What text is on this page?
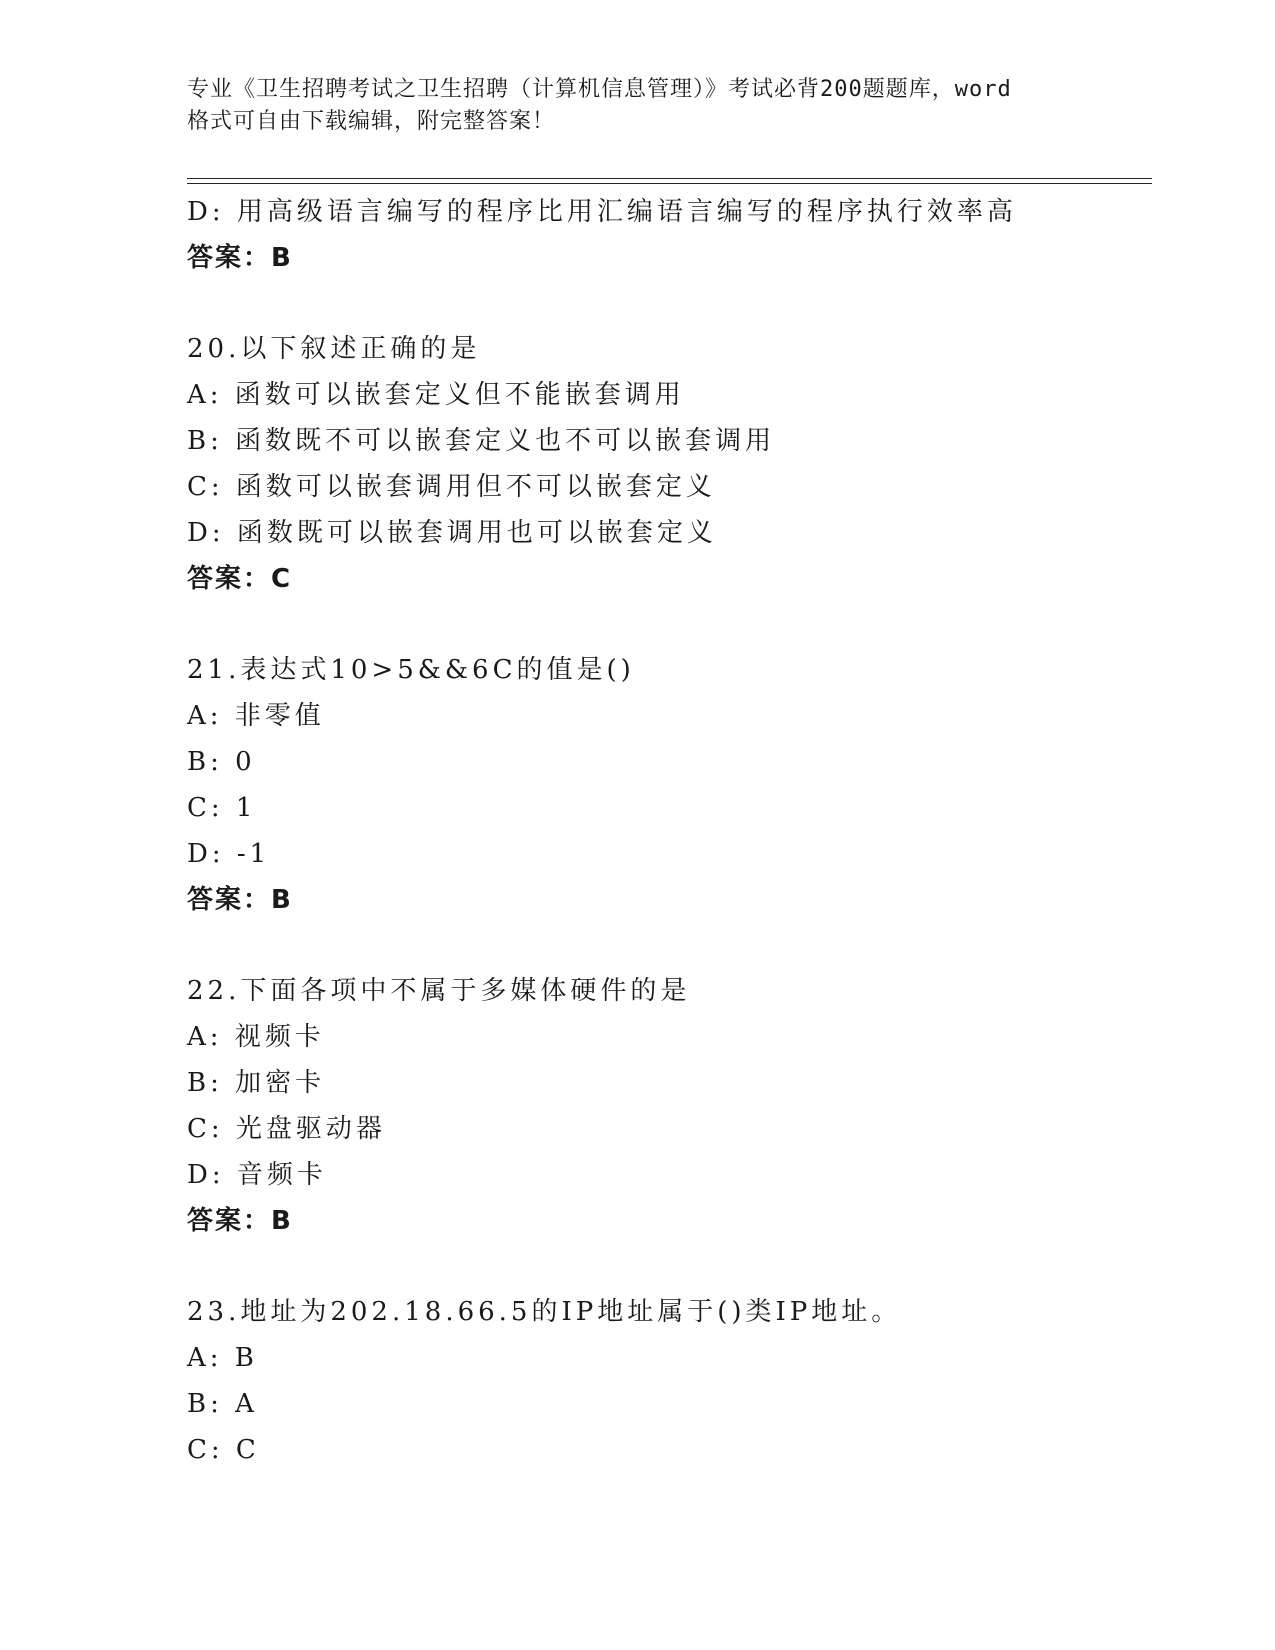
专业《卫生招聘考试之卫生招聘（计算机信息管理）》考试必背200题题库，word
格式可自由下载编辑，附完整答案！
D: 用高级语言编写的程序比用汇编语言编写的程序执行效率高
答案：B
20.以下叙述正确的是
A: 函数可以嵌套定义但不能嵌套调用
B: 函数既不可以嵌套定义也不可以嵌套调用
C: 函数可以嵌套调用但不可以嵌套定义
D: 函数既可以嵌套调用也可以嵌套定义
答案：C
21.表达式10>5&&6C的值是()
A: 非零值
B: 0
C: 1
D: -1
答案：B
22.下面各项中不属于多媒体硬件的是
A: 视频卡
B: 加密卡
C: 光盘驱动器
D: 音频卡
答案：B
23.地址为202.18.66.5的IP地址属于()类IP地址。
A: B
B: A
C: C
